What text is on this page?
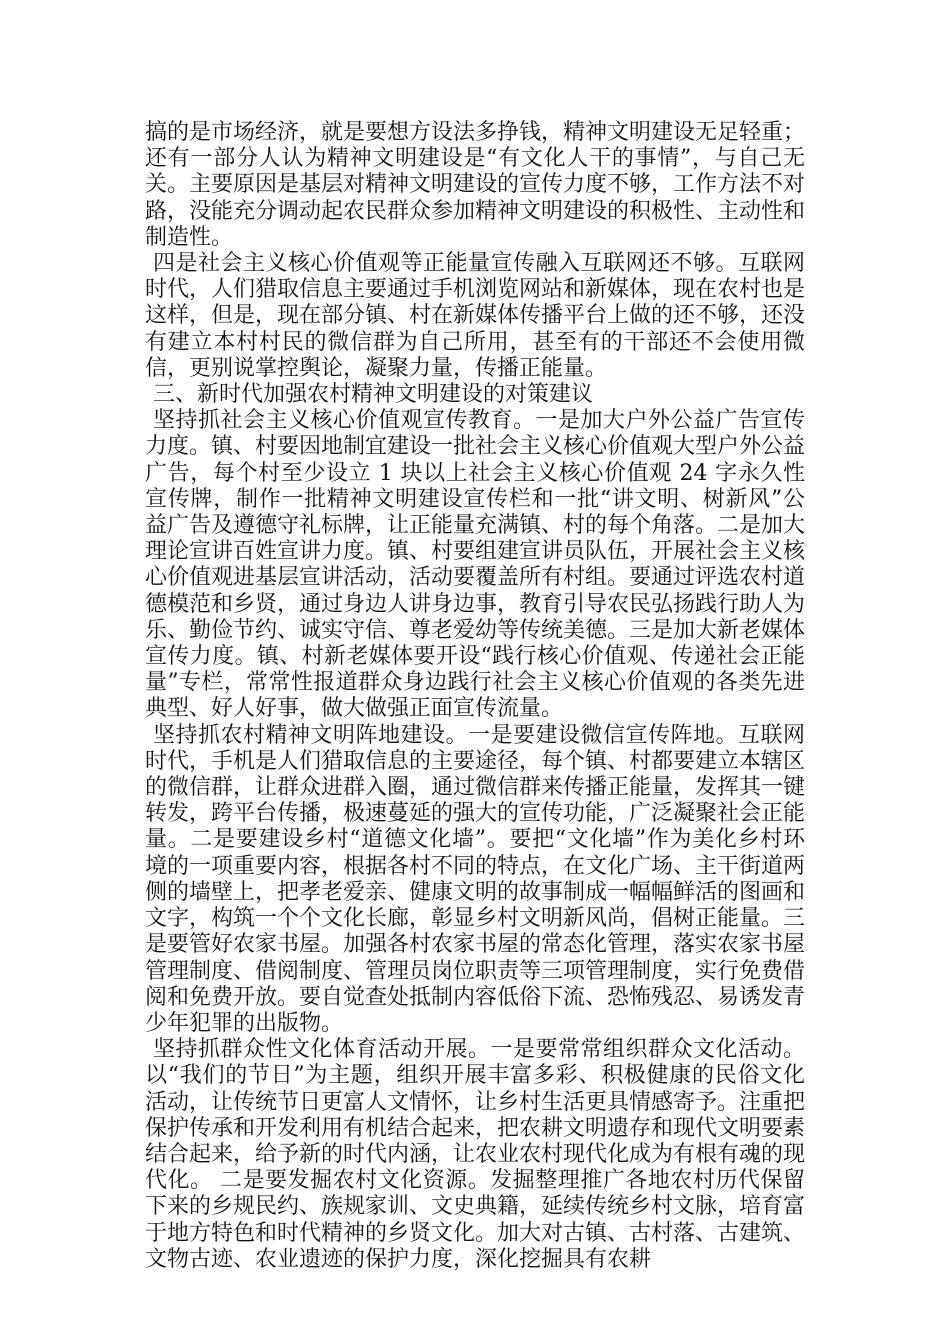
搞的是市场经济，就是要想方设法多挣钱，精神文明建设无足轻重；还有一部分人认为精神文明建设是“有文化人干的事情”，与自己无关。主要原因是基层对精神文明建设的宣传力度不够，工作方法不对路，没能充分调动起农民群众参加精神文明建设的积极性、主动性和制造性。

四是社会主义核心价值观等正能量宣传融入互联网还不够。互联网时代，人们猎取信息主要通过手机浏览网站和新媒体，现在农村也是这样，但是，现在部分镇、村在新媒体传播平台上做的还不够，还没有建立本村村民的微信群为自己所用，甚至有的干部还不会使用微信，更别说掌控舆论，凝聚力量，传播正能量。

三、新时代加强农村精神文明建设的对策建议

坚持抓社会主义核心价值观宣传教育。一是加大户外公益广告宣传力度。镇、村要因地制宜建设一批社会主义核心价值观大型户外公益广告，每个村至少设立 1 块以上社会主义核心价值观 24 字永久性宣传牌，制作一批精神文明建设宣传栏和一批“讲文明、树新风”公益广告及遵德守礼标牌，让正能量充满镇、村的每个角落。二是加大理论宣讲百姓宣讲力度。镇、村要组建宣讲员队伍，开展社会主义核心价值观进基层宣讲活动，活动要覆盖所有村组。要通过评选农村道德模范和乡贤，通过身边人讲身边事，教育引导农民弘扬践行助人为乐、勤俭节约、诚实守信、尊老爱幼等传统美德。三是加大新老媒体宣传力度。镇、村新老媒体要开设“践行核心价值观、传递社会正能量”专栏，常常性报道群众身边践行社会主义核心价值观的各类先进典型、好人好事，做大做强正面宣传流量。

坚持抓农村精神文明阵地建设。一是要建设微信宣传阵地。互联网时代，手机是人们猎取信息的主要途径，每个镇、村都要建立本辖区的微信群，让群众进群入圈，通过微信群来传播正能量，发挥其一键转发，跨平台传播，极速蔓延的强大的宣传功能，广泛凝聚社会正能量。二是要建设乡村“道德文化墙”。要把“文化墙”作为美化乡村环境的一项重要内容，根据各村不同的特点，在文化广场、主干街道两侧的墙壁上，把孝老爱亲、健康文明的故事制成一幅幅鲜活的图画和文字，构筑一个个文化长廊，彰显乡村文明新风尚，倡树正能量。三是要管好农家书屋。加强各村农家书屋的常态化管理，落实农家书屋管理制度、借阅制度、管理员岗位职责等三项管理制度，实行免费借阅和免费开放。要自觉查处抵制内容低俗下流、恐怖残忍、易诱发青少年犯罪的出版物。

坚持抓群众性文化体育活动开展。一是要常常组织群众文化活动。以“我们的节日”为主题，组织开展丰富多彩、积极健康的民俗文化活动，让传统节日更富人文情怀，让乡村生活更具情感寄予。注重把保护传承和开发利用有机结合起来，把农耕文明遗存和现代文明要素结合起来，给予新的时代内涵，让农业农村现代化成为有根有魂的现代化。 二是要发掘农村文化资源。发掘整理推广各地农村历代保留下来的乡规民约、族规家训、文史典籍，延续传统乡村文脉，培育富于地方特色和时代精神的乡贤文化。加大对古镇、古村落、古建筑、文物古迹、农业遗迹的保护力度，深化挖掘具有农耕
